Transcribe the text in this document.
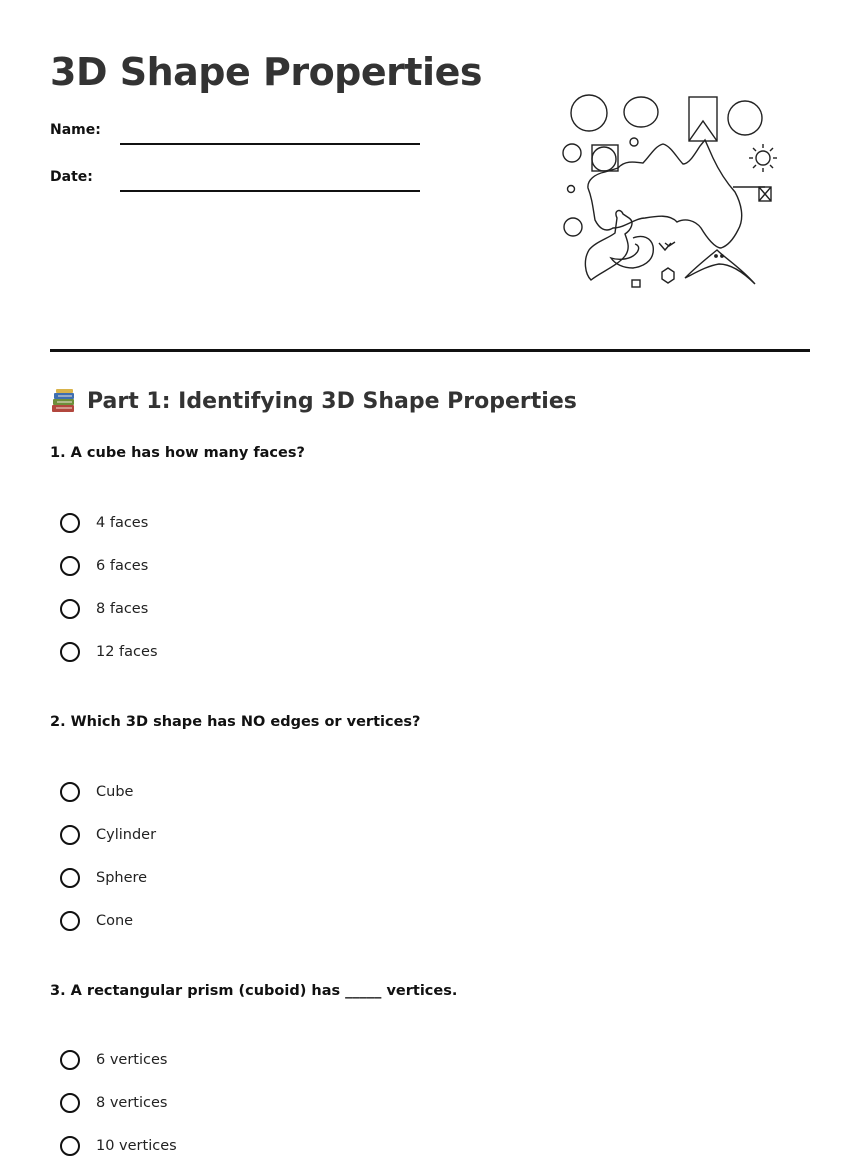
3D Shape Properties
Name:
Date:
Part 1: Identifying 3D Shape Properties

1. A cube has how many faces?

4 faces
6 faces
8 faces
12 faces

2. Which 3D shape has NO edges or vertices?

Cube
Cylinder
Sphere
Cone

3. A rectangular prism (cuboid) has _____ vertices.

6 vertices
8 vertices
10 vertices
